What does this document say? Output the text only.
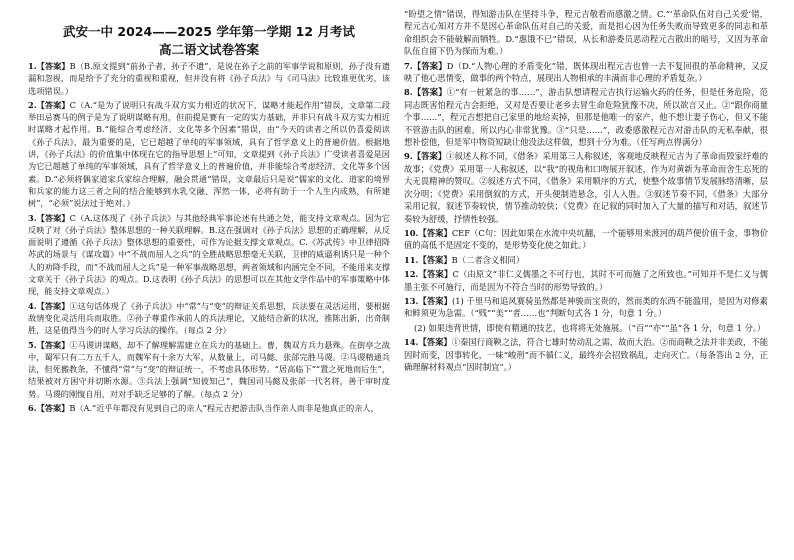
武安一中 2024——2025 学年第一学期 12 月考试
高二语文试卷答案
1.【答案】B（B.原文提到“前孙子者，孙子不遗”，是说在孙子之前的军事学说和原则，孙子没有遗漏和忽视，而是给予了充分的重视和重视，但并没有将《孙子兵法》与《司马法》比较谁更优劣，该选项错误。）
2.【答案】C（A.“是为了说明只有战斗双方实力相近的状况下，谋略才能起作用”错误，文章第二段举田忌赛马的例子是为了说明谋略有用，但前提是赛有一定的实力基础，并非只有战斗双方实力相近时谋略才起作用。B.“能综合考虑经济、文化等多个因素”错误，由“今天的读者之所以仍喜爱阅读《孙子兵法》，最为重要的是，它已超越了单纯的军事领域，具有了哲学意义上的普遍价值。根据地讲，《孙子兵法》的价值集中体现在它的指导思想上”可知，文章提到《孙子兵法》广受读者喜爱是因为它已超越了单纯的军事领域，具有了哲学意义上的普遍价值，并非能综合考虑经济、文化等多个因素。D.“必须将偶家道家兵家综合理解，融会贯通”错误，文章最后只是说“儒家的文化、道家的境界和兵家的能力这三者之间的结合能够到水乳交融、浑然一体，必将有助于一个人生内成熟，有所建树”，“必须”说法过于绝对。）
3.【答案】C（A.这体现了《孙子兵法》与其他经典军事论述有共通之处，能支持文章观点。因为它反映了对《孙子兵法》整体思想的一种关联理解。B.这在强调对《孙子兵法》思想的正确理解，从反面说明了遵循《孙子兵法》整体思想的重要性，可作为论据支撑文章观点。C.《苏武传》中卫律招降苏武的场景与《谋攻篇》中“不战而屈人之兵”的全胜战略思想毫无关联，卫律的威逼利诱只是一种个人的劝降手段，而“不战而屈人之兵”是一种军事战略思想，两者领域和内涵完全不同，不能用来支撑文章关于《孙子兵法》的观点。D.这表明《孙子兵法》的思想可以在其他文学作品中的军事策略中体现，能支持文章观点。）
4.【答案】①这句话体现了《孙子兵法》中“常”与“变”的辩证关系思想，兵法要在灵活运用，要根据敌情变化灵活用兵而取胜。②孙子尊重作承前人的兵法理论，又能结合新的状况，推陈出新，出奇制胜，这是值得当今的时人学习兵法的操作。（每点 2 分）
5.【答案】①马谡讲谋略，却不了解理解需建立在兵力的基础上。曹，魏双方兵力悬殊。在街亭之战中，蜀军只有二万五千人，而魏军有十余万大军，从数量上，司马懿、张郃完胜马谡。②马谡精通兵法，但死搬教条，不懂得“常”与“变”的辩证统一，不考虑具体形势。“居高临下”“置之死地而后生”，结果被对方困守并切断水源。③兵法上强调“知彼知己”，魏国司马懿及张郃一代名将，善于审时度势。马谡的刚愎自用，对对手缺乏足够的了解。（每点 2 分）
6.【答案】B（A.“近乎年都没有见到自己的亲人”程元吉把游击队当作亲人而非是他真正的亲人，
“盼望之情”错误，得知游击队在坚持斗争，程元吉敬看而感激之情。C.“‘革命队伍对自己关爱’错，程元吉心知对方并不是因心革命队伍对自己的关爱，而是担心因为任务失败而导致更多的同志和革命组织会不能破解而牺牲。D.“惠饿不已”错误，从长和游委员恶动程元吉散出的暗号，又因为革命队伍自留下仍为探而为难。）
7.【答案】D（D.“人物心理的矛盾变化”错，既体现出程元吉也曾一去不复回很的革命精神，又反映了他心思情变，做事的两个特点，展现出人物相承的丰满而非心理的矛盾复杂。）
8.【答案】①“有一桩紧急的事……”，游击队想请程元吉执行运输火药的任务，但是任务危险，范同志既害怕程元吉会拒绝，又对是否要让老乡去冒生命危险犹豫不决，所以欲言又止。②“跟你商量个事……”，程元吉想把自己家里的地给卖掉，但那是他唯一的家产，他不想让妻子伤心，但又不能不管游击队的困难，所以内心非常犹豫。③“只是……”，政委感激程元吉对游击队的无私奉献，很想补偿他，但是军中物资短缺让他没法这样做，想到十分为难。（任写两点得满分）
9.【答案】①叙述人称不同，《借条》采用第三人称叙述，客观地反映程元吉为了革命而毁家纾难的故事；《党费》采用第一人称叙述，以“我”的视角和口吻展开叙述，作为对黄新为革命而舍生忘死的大无畏精神的赞叹。②叙述方式不同，《借条》采用顺序的方式，使整个故事情节发展脉络清晰，层次分明；《党费》采用倒叙的方式，开头便制造悬念，引人入胜。③叙述节奏不同，《借条》大部分采用记叙，叙述节奏较快，情节推动较快；《党费》在记叙的同时加入了大量的描写和对话，叙述节奏较为舒缓，抒情性较强。
10.【答案】CEF（C句：因此如果在水流中央坑翻，一个能够用来渡河的葫芦便价值千金，事物价值的高低不是固定不变的，是形势变化使之如此。）
11.【答案】B（二者含义相同）
12.【答案】C（由原文“非仁义儒墨之不可行也，其时不可而施了之所致也。”可知并不是仁义与儒墨主张不可施行，而是因为不符合当时的形势导致的。）
13.【答案】(1) 千里马和追风赛骑虽然都是神骏而宝贵的，然而类的东西不能滥用，是因为对修素和鲜须更为急需。（“贱”“美”“者……也”判断句式各 1 分，句意 1 分。）
(2) 如果违背世情，即使有精通的技艺，也将将无处施展。（“百”“亦”“虽”各 1 分，句意 1 分。）
14.【答案】①秦国行商鞅之法，符合七雄时势动乱之需，故而大治。②而商鞅之法并非美政，不能因时而变，因事转化，一味“峻刑”而不循仁义，最终亦会招致祸乱，走向灭亡。（每条答出 2 分，正确理解材料观点“因时制宜”。）
